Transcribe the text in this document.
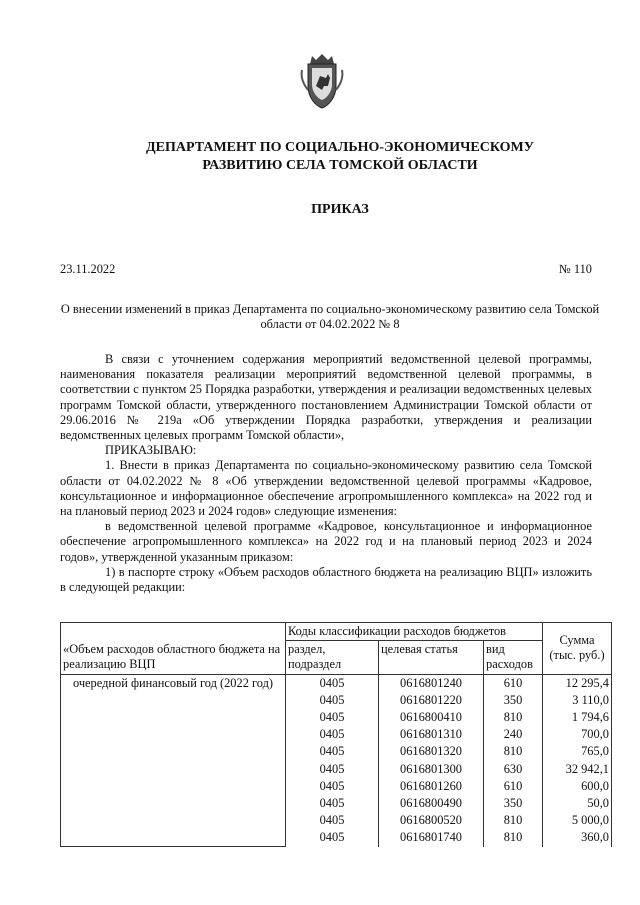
ДЕПАРТАМЕНТ ПО СОЦИАЛЬНО-ЭКОНОМИЧЕСКОМУ
РАЗВИТИЮ СЕЛА ТОМСКОЙ ОБЛАСТИ
ПРИКАЗ
23.11.2022	№ 110
О внесении изменений в приказ Департамента по социально-экономическому развитию села Томской области от 04.02.2022 № 8

В связи с уточнением содержания мероприятий ведомственной целевой программы, наименования показателя реализации мероприятий ведомственной целевой программы, в соответствии с пунктом 25 Порядка разработки, утверждения и реализации ведомственных целевых программ Томской области, утвержденного постановлением Администрации Томской области от 29.06.2016 № 219а «Об утверждении Порядка разработки, утверждения и реализации ведомственных целевых программ Томской области»,

ПРИКАЗЫВАЮ:

1. Внести в приказ Департамента по социально-экономическому развитию села Томской области от 04.02.2022 № 8 «Об утверждении ведомственной целевой программы «Кадровое, консультационное и информационное обеспечение агропромышленного комплекса» на 2022 год и на плановый период 2023 и 2024 годов» следующие изменения:

в ведомственной целевой программе «Кадровое, консультационное и информационное обеспечение агропромышленного комплекса» на 2022 год и на плановый период 2023 и 2024 годов», утвержденной указанным приказом:

1) в паспорте строку «Объем расходов областного бюджета на реализацию ВЦП» изложить в следующей редакции:

«Объем расходов областного бюджета на реализацию ВЦП	Коды классификации расходов бюджетов			Сумма (тыс. руб.)
	раздел, подраздел	целевая статья	вид расходов	
очередной финансовый год (2022 год)	0405	0616801240	610	12 295,4
	0405	0616801220	350	3 110,0
	0405	0616800410	810	1 794,6
	0405	0616801310	240	700,0
	0405	0616801320	810	765,0
	0405	0616801300	630	32 942,1
	0405	0616801260	610	600,0
	0405	0616800490	350	50,0
	0405	0616800520	810	5 000,0
	0405	0616801740	810	360,0
